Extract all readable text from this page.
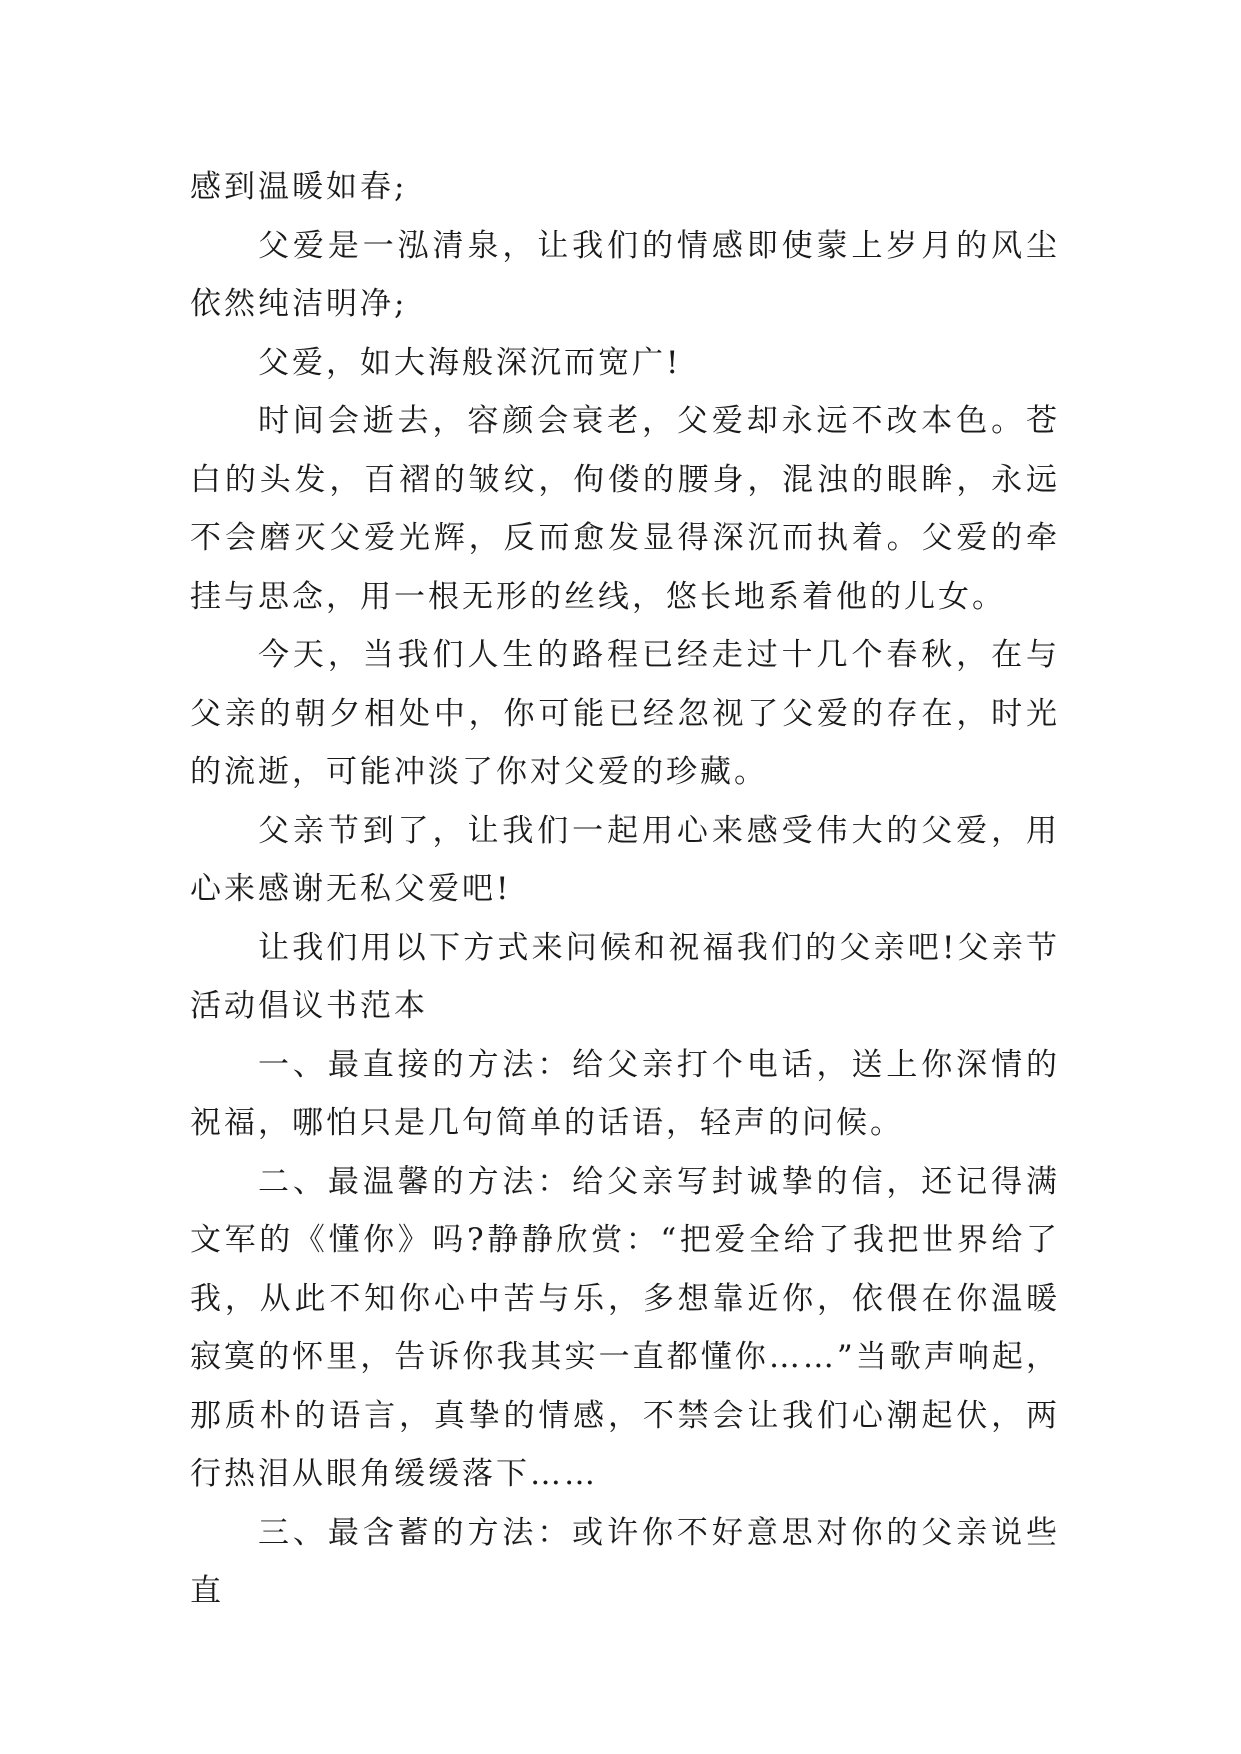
感到温暖如春;

父爱是一泓清泉，让我们的情感即使蒙上岁月的风尘依然纯洁明净;

父爱，如大海般深沉而宽广!

时间会逝去，容颜会衰老，父爱却永远不改本色。苍白的头发，百褶的皱纹，佝偻的腰身，混浊的眼眸，永远不会磨灭父爱光辉，反而愈发显得深沉而执着。父爱的牵挂与思念，用一根无形的丝线，悠长地系着他的儿女。

今天，当我们人生的路程已经走过十几个春秋，在与父亲的朝夕相处中，你可能已经忽视了父爱的存在，时光的流逝，可能冲淡了你对父爱的珍藏。

父亲节到了，让我们一起用心来感受伟大的父爱，用心来感谢无私父爱吧!

让我们用以下方式来问候和祝福我们的父亲吧!父亲节活动倡议书范本

一、最直接的方法：给父亲打个电话，送上你深情的祝福，哪怕只是几句简单的话语，轻声的问候。

二、最温馨的方法：给父亲写封诚挚的信，还记得满文军的《懂你》吗?静静欣赏：“把爱全给了我把世界给了我，从此不知你心中苦与乐，多想靠近你，依偎在你温暖寂寞的怀里，告诉你我其实一直都懂你……”当歌声响起，那质朴的语言，真挚的情感，不禁会让我们心潮起伏，两行热泪从眼角缓缓落下……

三、最含蓄的方法：或许你不好意思对你的父亲说些直
